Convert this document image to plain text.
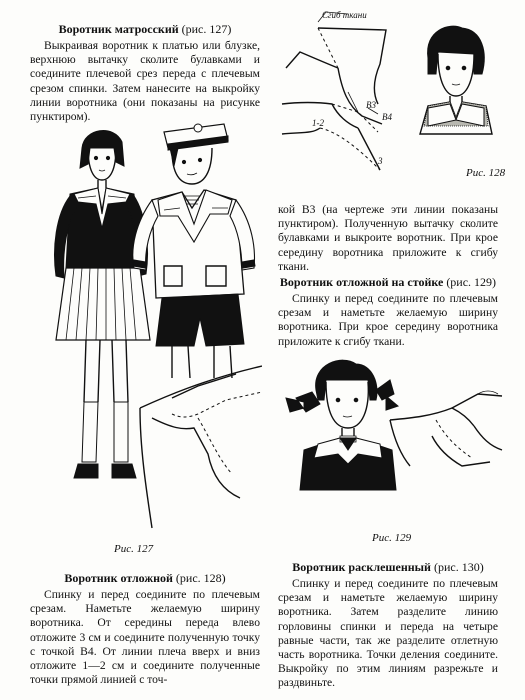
Воротник матросский (рис. 127)

Выкраивая воротник к платью или блузке, верхнюю вытачку сколите булавками и соедините плечевой срез переда с плечевым срезом спинки. Затем нанесите на выкройку линии воротника (они показаны на рисунке пунктиром).

Рис. 127

Воротник отложной (рис. 128)

Спинку и перед соедините по плечевым срезам. Наметьте желаемую ширину воротника. От середины переда влево отложите 3 см и соедините полученную точку с точкой В4. От линии плеча вверх и вниз отложите 1—2 см и соедините полученные точки прямой линией с точ-

Сгиб ткани
1-2
В3
В4
3
Рис. 128

кой В3 (на чертеже эти линии показаны пунктиром). Полученную вытачку сколите булавками и выкроите воротник. При крое середину воротника приложите к сгибу ткани.

Воротник отложной на стойке (рис. 129)

Спинку и перед соедините по плечевым срезам и наметьте желаемую ширину воротника. При крое середину воротника приложите к сгибу ткани.

Рис. 129

Воротник расклешенный (рис. 130)

Спинку и перед соедините по плечевым срезам и наметьте желаемую ширину воротника. Затем разделите линию горловины спинки и переда на четыре равные части, так же разделите отлетную часть воротника. Точки деления соедините. Выкройку по этим линиям разрежьте и раздвиньте.
